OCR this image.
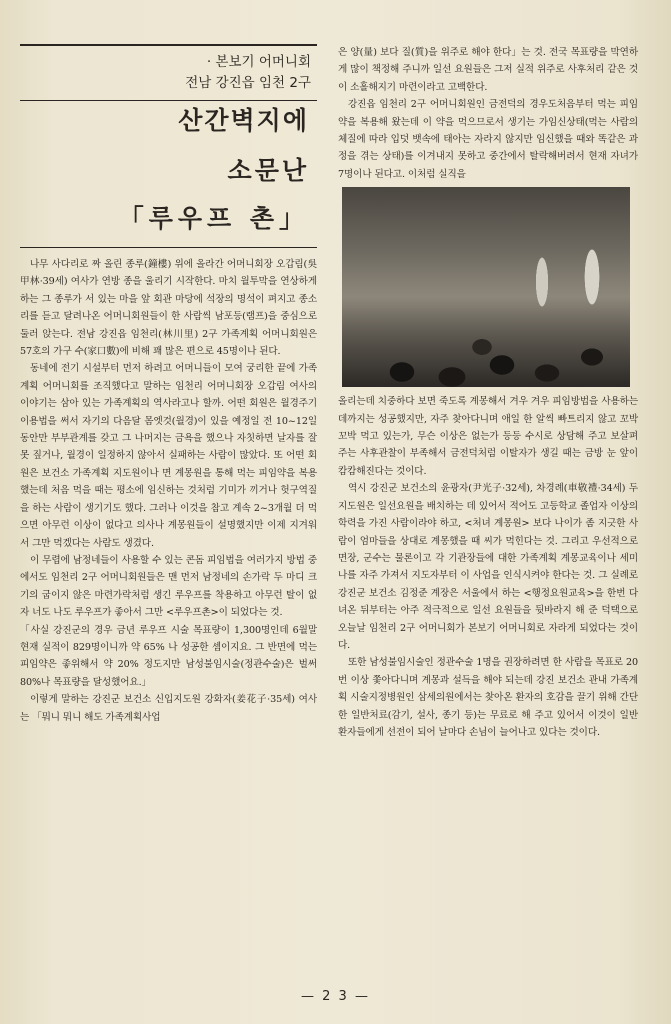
· 본보기 어머니회
전남 강진읍 임천 2구
산간벽지에
소문난
「루우프 촌」

나무 사다리로 짜 올린 종루(鐘樓) 위에 올라간 어머니회장 오갑림(吳甲林·39세) 여사가 연방 종을 울리기 시작한다. 마치 월투막을 연상하게 하는 그 종루가 서 있는 마을 앞 회관 마당에 석장의 명석이 펴지고 종소리를 듣고 달려나온 어머니회원들이 한 사람씩 남포등(램프)을 중심으로 둘러 앉는다. 전남 강진읍 임천리(林川里) 2구 가족계획 어머니회원은 57호의 가구 수(家口數)에 비해 꽤 많은 편으로 45명이나 된다.

동네에 전기 시설부터 먼저 하려고 어머니들이 모여 궁리한 끝에 가족계획 어머니회를 조직했다고 말하는 임천리 어머니회장 오갑림 여사의 이야기는 삼아 있는 가족계획의 역사라고나 할까. 어떤 회원은 월경주기 이용법을 써서 자기의 다음달 몸엣것(월경)이 있을 예정일 전 10~12일 동안만 부부관계를 갖고 그 나머지는 금욕을 했으나 자칫하면 날자를 잘 못 짚거나, 월경이 일정하지 않아서 실패하는 사람이 많았다. 또 어떤 회원은 보건소 가족계획 지도원이나 면 계몽원을 통해 먹는 피임약을 복용했는데 처음 먹을 때는 평소에 임신하는 것처럼 기미가 끼거나 헛구역질을 하는 사람이 생기기도 했다. 그러나 이것을 참고 계속 2~3개월 더 먹으면 아무런 이상이 없다고 의사나 계몽원들이 설명했지만 이제 지겨워서 그만 먹겠다는 사람도 생겼다.

이 무렵에 남정네들이 사용할 수 있는 콘돔 피임법을 여러가지 방법 중에서도 임천리 2구 어머니회원들은 맨 먼저 남정네의 손가락 두 마디 크기의 굽이지 않은 마련가락처럼 생긴 루우프를 착용하고 아무런 탈이 없자 너도 나도 루우프가 좋아서 그만 <루우프촌>이 되었다는 것.

「사실 강진군의 경우 금년 루우프 시술 목표량이 1,300명인데 6월말 현재 실적이 829명이니까 약 65% 나 성공한 셈이지요. 그 반면에 먹는 피임약은 좋위해서 약 20% 정도지만 남성불임시술(정관수술)은 벌써 80%나 목표량을 달성했어요.」

이렇게 말하는 강진군 보건소 신입지도원 강화자(姜花子·35세) 여사는 「뭐니 뭐니 해도 가족계획사업

은 양(量) 보다 질(質)을 위주로 해야 한다」는 것. 전국 목표량을 막연하게 많이 책정해 주니까 일선 요원들은 그저 실적 위주로 사후처리 같은 것이 소홀해지기 마련이라고 고백한다.

강진읍 임천리 2구 어머니회원인 금전덕의 경우도처음부터 먹는 피임약을 복용해 왔는데 이 약을 먹으므로서 생기는 가임신상태(먹는 사람의 체질에 따라 입덧 뱃속에 태아는 자라지 않지만 임신했을 때와 똑같은 과정을 겪는 상태)를 이겨내지 못하고 중간에서 탈락해버려서 현재 자녀가 7명이나 된다고. 이처럼 실직을

올리는데 치중하다 보면 죽도록 계몽해서 겨우 겨우 피임방법을 사용하는 데까지는 성공했지만, 자주 찾아다니며 애일 한 알씩 빠트리지 않고 꼬박꼬박 먹고 있는가, 무슨 이상은 없는가 등등 수시로 상담해 주고 보살펴 주는 사후관찰이 부족해서 금전덕처럼 이탈자가 생길 때는 금방 눈 앞이 캄캄해진다는 것이다.

역시 강진군 보건소의 윤광자(尹光子·32세), 차경례(車敬禮·34세) 두 지도원은 일선요원을 배치하는 데 있어서 적어도 고등학교 졸업자 이상의 학력을 가진 사람이라야 하고, <처녀 계몽원> 보다 나이가 좀 지긋한 사람이 엄마들을 상대로 계몽했을 때 씨가 먹힌다는 것. 그리고 우선적으로 면장, 군수는 물론이고 각 기관장들에 대한 가족계획 계몽교육이나 세미나를 자주 가져서 지도자부터 이 사업을 인식시켜야 한다는 것. 그 실례로 강진군 보건소 김정준 계장은 서울에서 하는 <행정요원교육>을 한번 다녀온 뒤부터는 아주 적극적으로 일선 요원들을 뒷바라지 해 준 덕택으로 오늘날 임천리 2구 어머니회가 본보기 어머니회로 자라게 되었다는 것이다.

또한 남성불임시술인 정관수술 1명을 권장하려면 한 사람을 목표로 20번 이상 쫓아다니며 계몽과 설득을 해야 되는데 강진 보건소 관내 가족계획 시술지정병원인 삼세의원에서는 찾아온 환자의 호감을 끌기 위해 간단한 일반처료(감기, 설사, 종기 등)는 무료로 해 주고 있어서 이것이 일반 환자들에게 선전이 되어 날마다 손님이 늘어나고 있다는 것이다.

— 2 3 —
